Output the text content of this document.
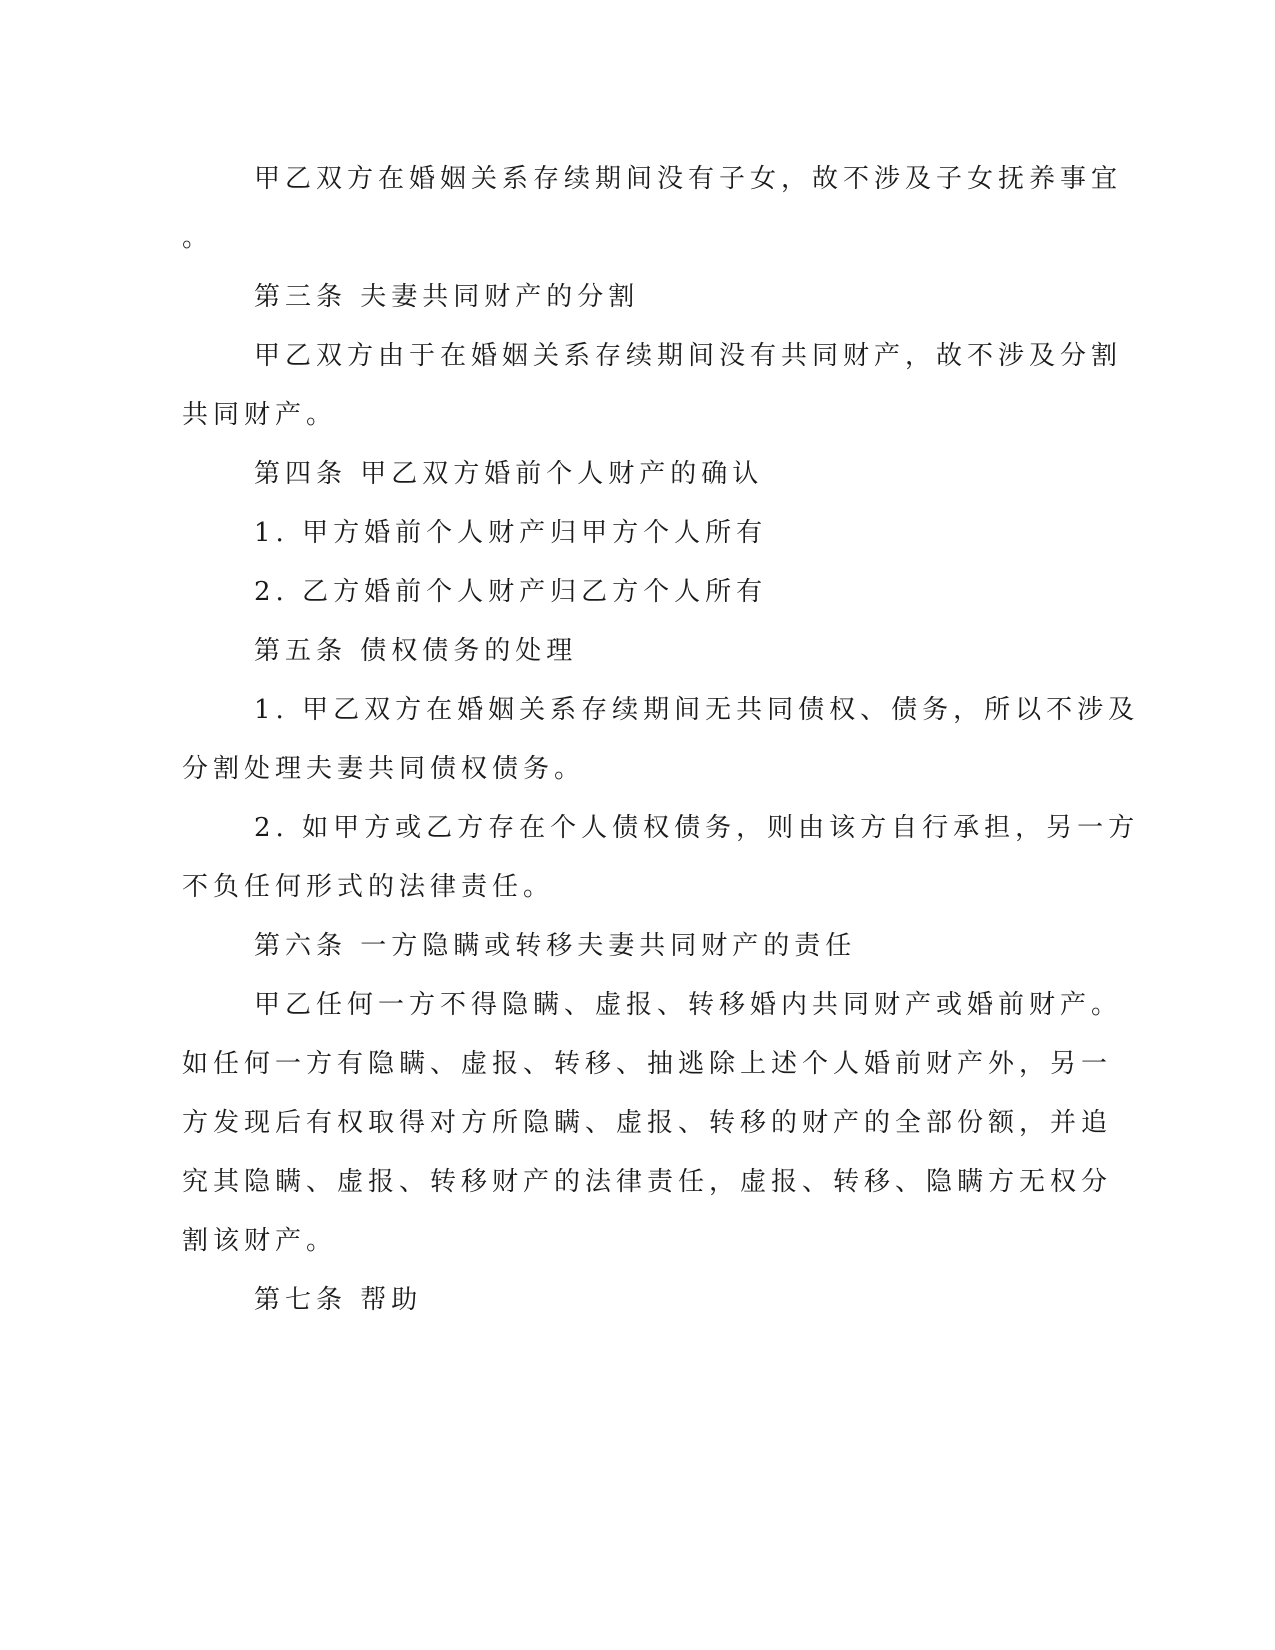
甲乙双方在婚姻关系存续期间没有子女，故不涉及子女抚养事宜

。

第三条 夫妻共同财产的分割

甲乙双方由于在婚姻关系存续期间没有共同财产，故不涉及分割

共同财产。

第四条 甲乙双方婚前个人财产的确认

1. 甲方婚前个人财产归甲方个人所有

2. 乙方婚前个人财产归乙方个人所有

第五条 债权债务的处理

1. 甲乙双方在婚姻关系存续期间无共同债权、债务，所以不涉及

分割处理夫妻共同债权债务。

2. 如甲方或乙方存在个人债权债务，则由该方自行承担，另一方

不负任何形式的法律责任。

第六条 一方隐瞒或转移夫妻共同财产的责任

甲乙任何一方不得隐瞒、虚报、转移婚内共同财产或婚前财产。

如任何一方有隐瞒、虚报、转移、抽逃除上述个人婚前财产外，另一

方发现后有权取得对方所隐瞒、虚报、转移的财产的全部份额，并追

究其隐瞒、虚报、转移财产的法律责任，虚报、转移、隐瞒方无权分

割该财产。

第七条 帮助
